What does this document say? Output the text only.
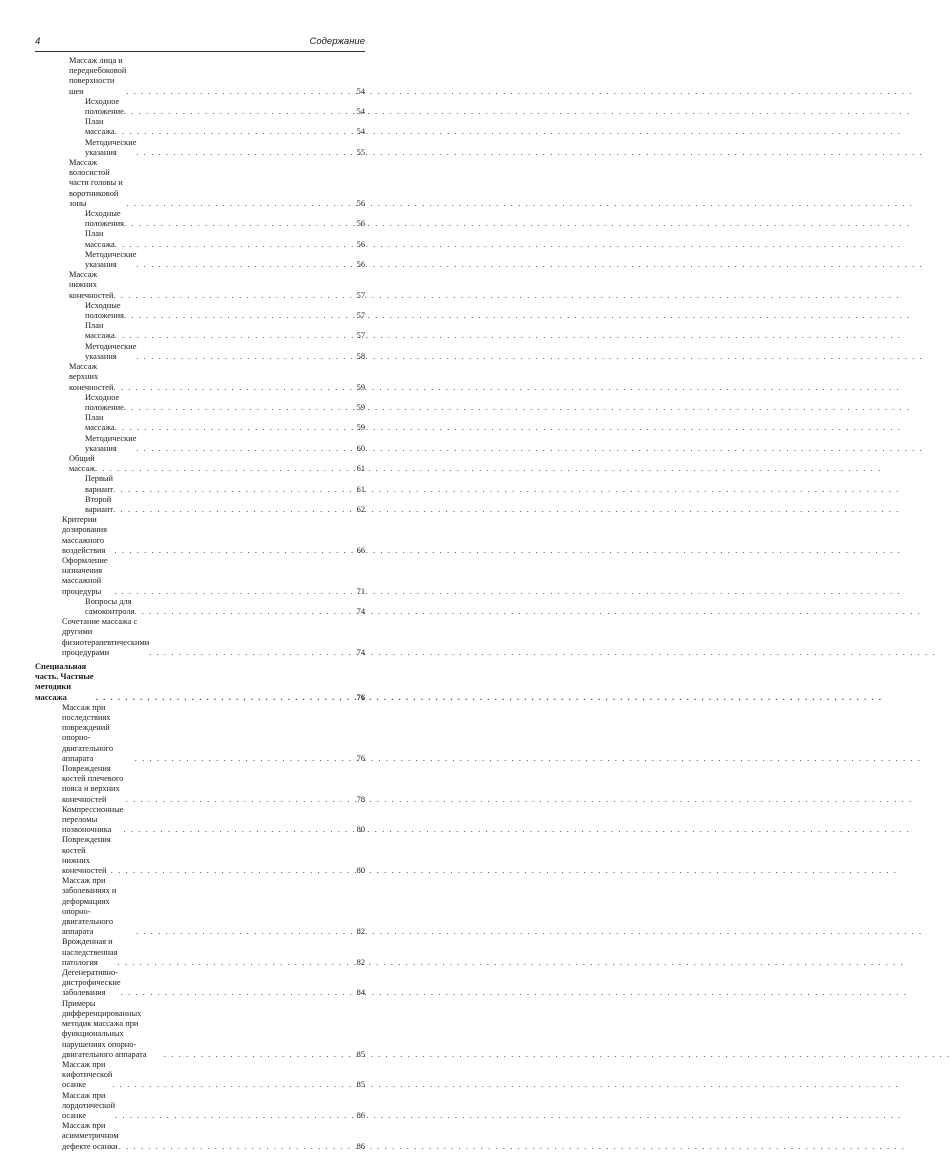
4	Содержание
Массаж лица и переднебоковой поверхности шеи . . .	54
Исходное положение . . .	54
План массажа . . .	54
Методические указания . . .	55
Массаж волосистой части головы и воротниковой зоны . . .	56
Исходные положения . . .	56
План массажа . . .	56
Методические указания . . .	56
Массаж нижних конечностей . . .	57
Исходные положения . . .	57
План массажа . . .	57
Методические указания . . .	58
Массаж верхних конечностей . . .	59
Исходное положение . . .	59
План массажа . . .	59
Методические указания . . .	60
Общий массаж . . .	61
Первый вариант . . .	61
Второй вариант . . .	62
Критерии дозирования массажного воздействия . . .	66
Оформление назначения массажной процедуры . . .	71
Вопросы для самоконтроля . . .	74
Сочетание массажа с другими физиотерапевтическими процедурами . . .	74
Специальная часть. Частные методики массажа . . .	76
Массаж при последствиях повреждений опорно-двигательного аппарата . . .	76
Повреждения костей плечевого пояса и верхних конечностей . . .	78
Компрессионные переломы позвоночника . . .	80
Повреждения костей нижних конечностей . . .	80
Массаж при заболеваниях и деформациях опорно-двигательного аппарата . . .	82
Врожденная и наследственная патология . . .	82
Дегенеративно-дистрофические заболевания . . .	84
Примеры дифференцированных методик массажа при функциональных нарушениях опорно-двигательного аппарата . . .	85
Массаж при кифотической осанке . . .	85
Массаж при лордотической осанке . . .	86
Массаж при асимметричном дефекте осанки . . .	86
